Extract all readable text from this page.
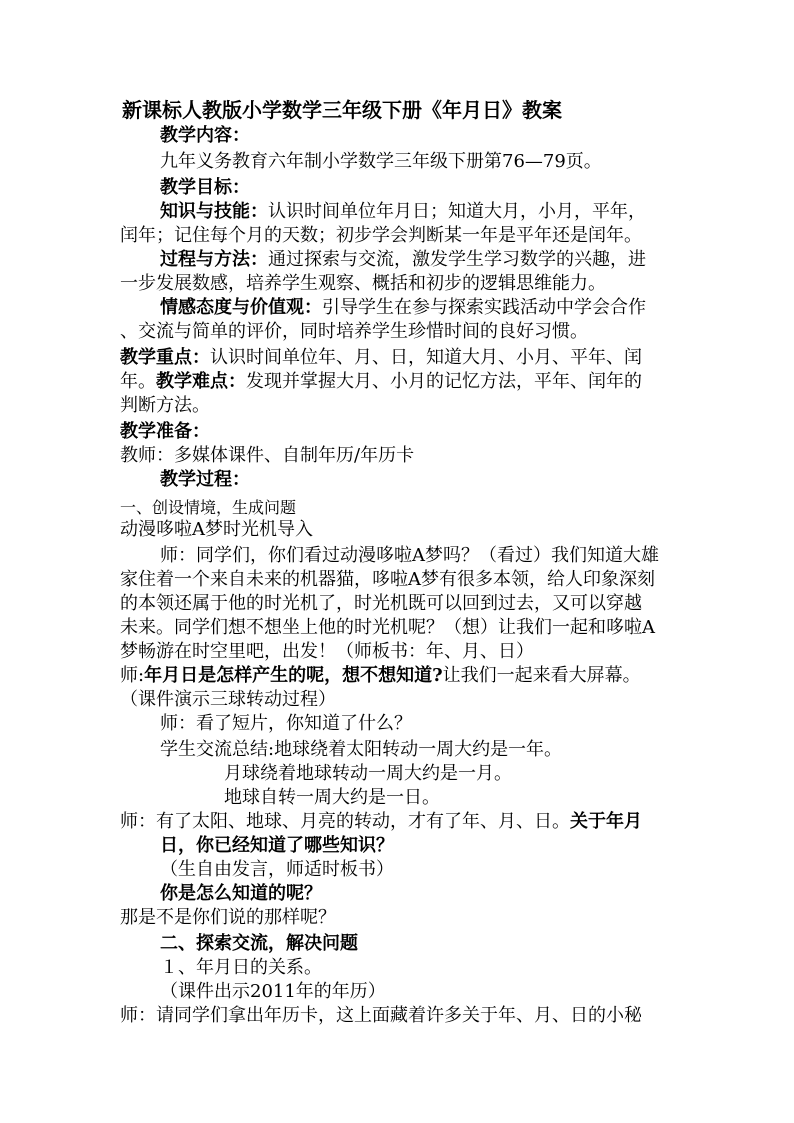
新课标人教版小学数学三年级下册《年月日》教案
教学内容：
九年义务教育六年制小学数学三年级下册第76—79页。
教学目标：
知识与技能：认识时间单位年月日；知道大月，小月，平年，
闰年；记住每个月的天数；初步学会判断某一年是平年还是闰年。
过程与方法：通过探索与交流，激发学生学习数学的兴趣，进
一步发展数感，培养学生观察、概括和初步的逻辑思维能力。
情感态度与价值观：引导学生在参与探索实践活动中学会合作
、交流与简单的评价，同时培养学生珍惜时间的良好习惯。
教学重点：认识时间单位年、月、日，知道大月、小月、平年、闰
年。教学难点：发现并掌握大月、小月的记忆方法，平年、闰年的
判断方法。
教学准备：
教师：多媒体课件、自制年历/年历卡
教学过程：
一、创设情境，生成问题
动漫哆啦A梦时光机导入
师：同学们，你们看过动漫哆啦A梦吗？（看过）我们知道大雄
家住着一个来自未来的机器猫，哆啦A梦有很多本领，给人印象深刻
的本领还属于他的时光机了，时光机既可以回到过去，又可以穿越
未来。同学们想不想坐上他的时光机呢？（想）让我们一起和哆啦A
梦畅游在时空里吧，出发！（师板书：年、月、日）
师:年月日是怎样产生的呢，想不想知道?让我们一起来看大屏幕。
（课件演示三球转动过程）
师：看了短片，你知道了什么？
学生交流总结:地球绕着太阳转动一周大约是一年。
月球绕着地球转动一周大约是一月。
地球自转一周大约是一日。
师：有了太阳、地球、月亮的转动，才有了年、月、日。关于年月
日，你已经知道了哪些知识？
（生自由发言，师适时板书）
你是怎么知道的呢？
那是不是你们说的那样呢？
二、探索交流，解决问题
１、年月日的关系。
（课件出示2011年的年历）
师：请同学们拿出年历卡，这上面藏着许多关于年、月、日的小秘
